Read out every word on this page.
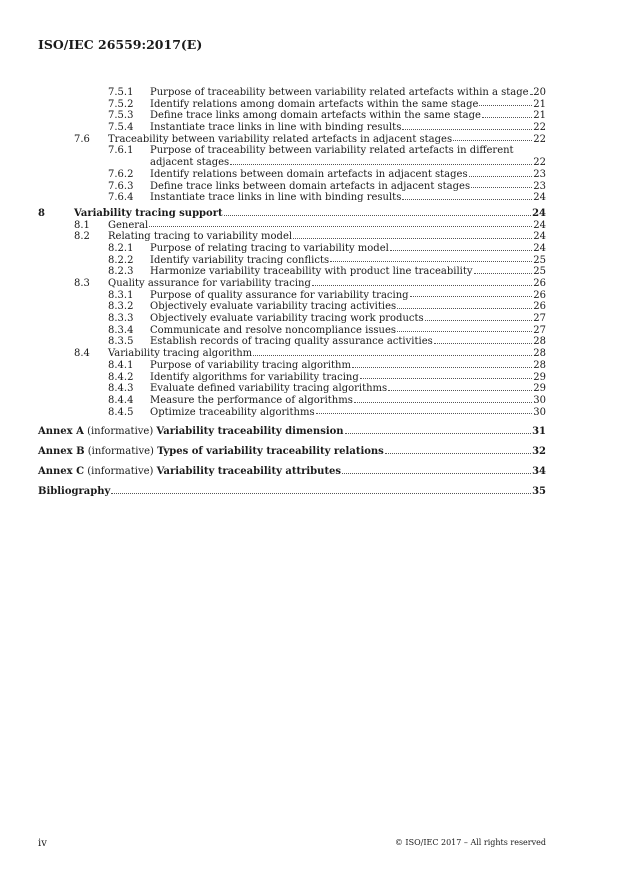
ISO/IEC 26559:2017(E)
7.5.1 Purpose of traceability between variability related artefacts within a stage 20
7.5.2 Identify relations among domain artefacts within the same stage	21
7.5.3 Define trace links among domain artefacts within the same stage	21
7.5.4 Instantiate trace links in line with binding results	22
7.6 Traceability between variability related artefacts in adjacent stages	22
7.6.1 Purpose of traceability between variability related artefacts in different
adjacent stages	22
7.6.2 Identify relations between domain artefacts in adjacent stages	23
7.6.3 Define trace links between domain artefacts in adjacent stages	23
7.6.4 Instantiate trace links in line with binding results	24
8	Variability tracing support	24
8.1 General	24
8.2 Relating tracing to variability model	24
8.2.1 Purpose of relating tracing to variability model	24
8.2.2 Identify variability tracing conflicts	25
8.2.3 Harmonize variability traceability with product line traceability	25
8.3 Quality assurance for variability tracing	26
8.3.1 Purpose of quality assurance for variability tracing	26
8.3.2 Objectively evaluate variability tracing activities	26
8.3.3 Objectively evaluate variability tracing work products	27
8.3.4 Communicate and resolve noncompliance issues	27
8.3.5 Establish records of tracing quality assurance activities	28
8.4 Variability tracing algorithm	28
8.4.1 Purpose of variability tracing algorithm	28
8.4.2 Identify algorithms for variability tracing	29
8.4.3 Evaluate defined variability tracing algorithms	29
8.4.4 Measure the performance of algorithms	30
8.4.5 Optimize traceability algorithms	30
Annex A (informative) Variability traceability dimension	31
Annex B (informative) Types of variability traceability relations	32
Annex C (informative) Variability traceability attributes	34
Bibliography	35
iv	© ISO/IEC 2017 – All rights reserved
